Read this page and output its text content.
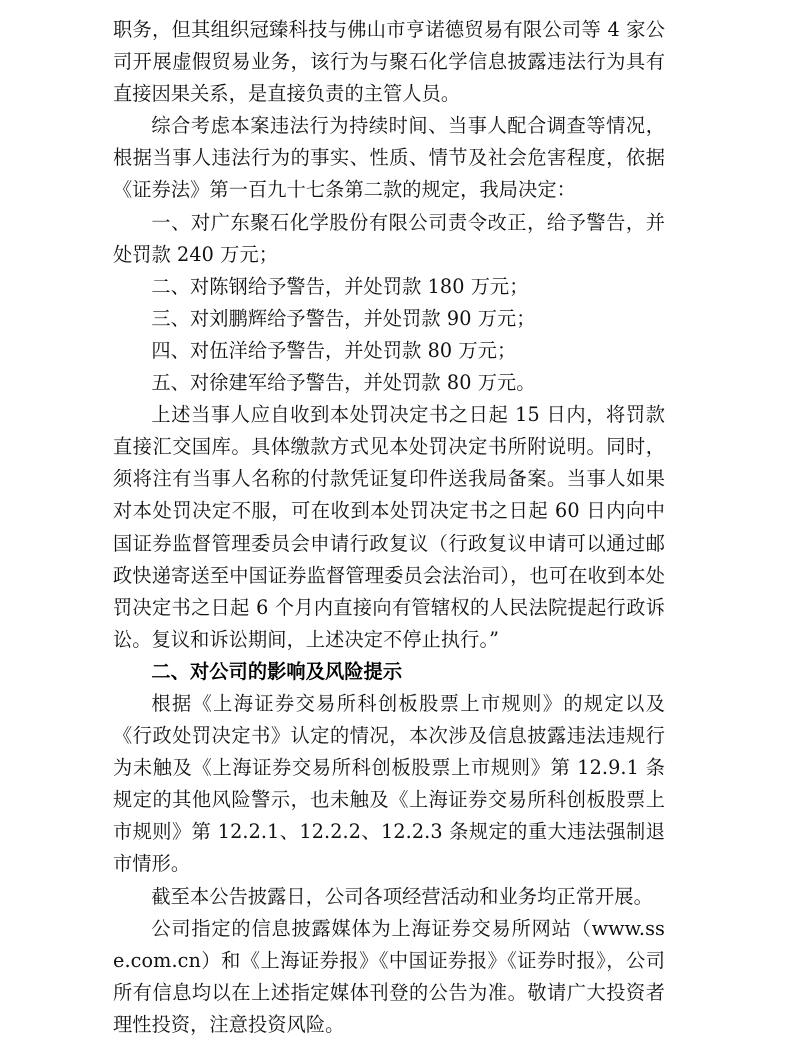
职务，但其组织冠臻科技与佛山市亨诺德贸易有限公司等 4 家公司开展虚假贸易业务，该行为与聚石化学信息披露违法行为具有直接因果关系，是直接负责的主管人员。

综合考虑本案违法行为持续时间、当事人配合调查等情况，根据当事人违法行为的事实、性质、情节及社会危害程度，依据《证券法》第一百九十七条第二款的规定，我局决定：

一、对广东聚石化学股份有限公司责令改正，给予警告，并处罚款 240 万元；

二、对陈钢给予警告，并处罚款 180 万元；

三、对刘鹏辉给予警告，并处罚款 90 万元；

四、对伍洋给予警告，并处罚款 80 万元；

五、对徐建军给予警告，并处罚款 80 万元。

上述当事人应自收到本处罚决定书之日起 15 日内，将罚款直接汇交国库。具体缴款方式见本处罚决定书所附说明。同时，须将注有当事人名称的付款凭证复印件送我局备案。当事人如果对本处罚决定不服，可在收到本处罚决定书之日起 60 日内向中国证券监督管理委员会申请行政复议（行政复议申请可以通过邮政快递寄送至中国证券监督管理委员会法治司），也可在收到本处罚决定书之日起 6 个月内直接向有管辖权的人民法院提起行政诉讼。复议和诉讼期间，上述决定不停止执行。”

二、对公司的影响及风险提示

根据《上海证券交易所科创板股票上市规则》的规定以及《行政处罚决定书》认定的情况，本次涉及信息披露违法违规行为未触及《上海证券交易所科创板股票上市规则》第 12.9.1 条规定的其他风险警示，也未触及《上海证券交易所科创板股票上市规则》第 12.2.1、12.2.2、12.2.3 条规定的重大违法强制退市情形。

截至本公告披露日，公司各项经营活动和业务均正常开展。

公司指定的信息披露媒体为上海证券交易所网站（www.sse.com.cn）和《上海证券报》《中国证券报》《证券时报》，公司所有信息均以在上述指定媒体刊登的公告为准。敬请广大投资者理性投资，注意投资风险。
